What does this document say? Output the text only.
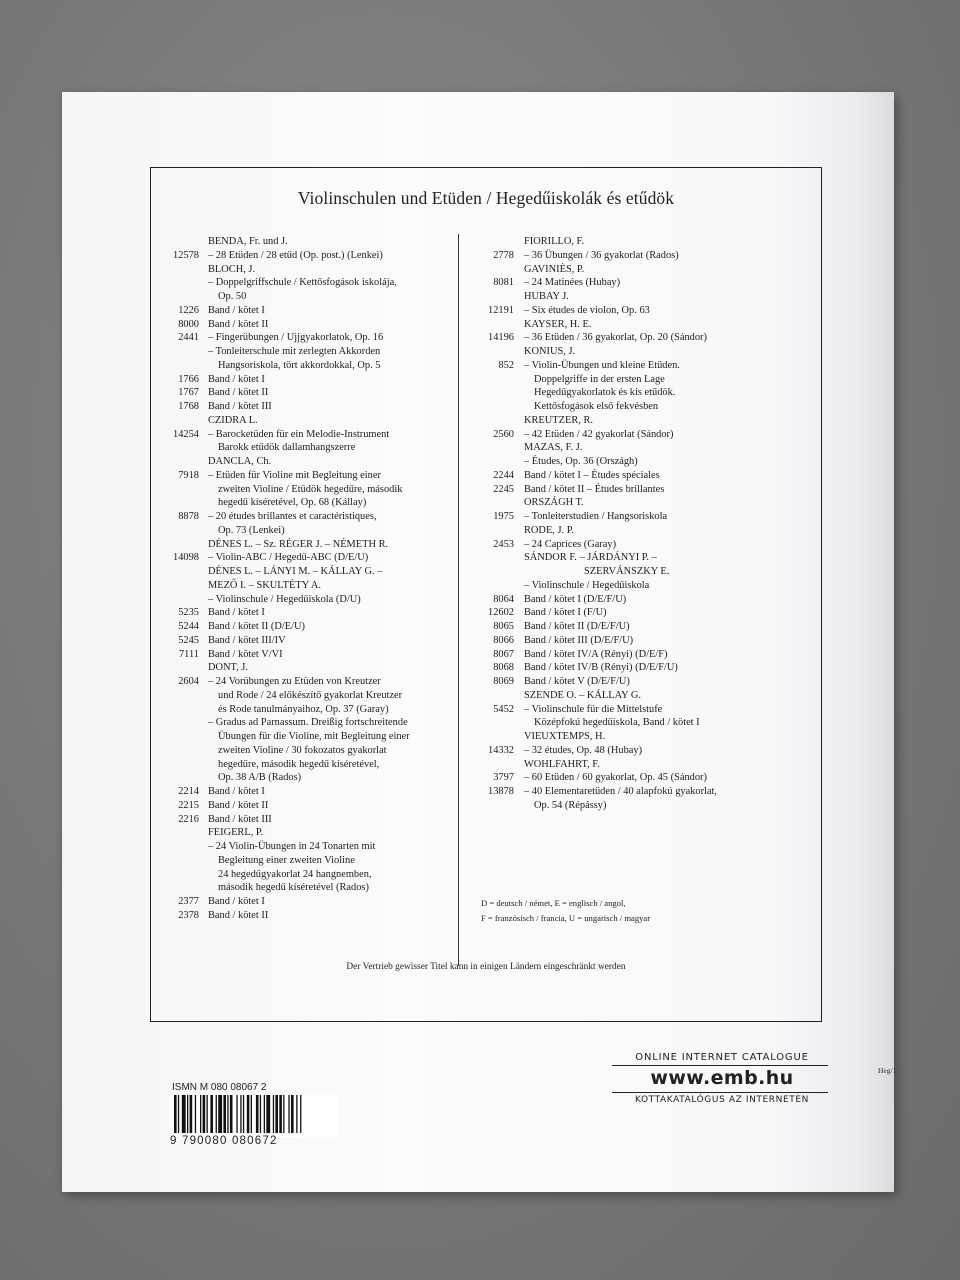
Violinschulen und Etüden / Hegedűiskolák és etűdök
BENDA, Fr. und J.
12578 – 28 Etüden / 28 etűd (Op. post.) (Lenkei)
BLOCH, J.
– Doppelgriffschule / Kettősfogások iskolája,
Op. 50
1226 Band / kötet I
8000 Band / kötet II
2441 – Fingerübungen / Ujjgyakorlatok, Op. 16
– Tonleiterschule mit zerlegten Akkorden
Hangsoriskola, tört akkordokkal, Op. 5
1766 Band / kötet I
1767 Band / kötet II
1768 Band / kötet III
CZIDRA L.
14254 – Barocketüden für ein Melodie-Instrument
Barokk etűdök dallamhangszerre
DANCLA, Ch.
7918 – Etüden für Violine mit Begleitung einer
zweiten Violine / Etüdök hegedűre, második
hegedű kíséretével, Op. 68 (Kállay)
8878 – 20 études brillantes et caractéristiques,
Op. 73 (Lenkei)
DÉNES L. – Sz. RÉGER J. – NÉMETH R.
14098 – Violin-ABC / Hegedű-ABC (D/E/U)
DÉNES L. – LÁNYI M. – KÁLLAY G. –
MEZŐ I. – SKULTÉTY A.
– Violinschule / Hegedűiskola (D/U)
5235 Band / kötet I
5244 Band / kötet II (D/E/U)
5245 Band / kötet III/IV
7111 Band / kötet V/VI
DONT, J.
2604 – 24 Vorübungen zu Etüden von Kreutzer
und Rode / 24 előkészítő gyakorlat Kreutzer
és Rode tanulmányaihoz, Op. 37 (Garay)
– Gradus ad Parnassum. Dreißig fortschreitende
Übungen für die Violine, mit Begleitung einer
zweiten Violine / 30 fokozatos gyakorlat
hegedűre, második hegedű kíséretével,
Op. 38 A/B (Rados)
2214 Band / kötet I
2215 Band / kötet II
2216 Band / kötet III
FEIGERL, P.
– 24 Violin-Übungen in 24 Tonarten mit
Begleitung einer zweiten Violine
24 hegedűgyakorlat 24 hangnemben,
második hegedű kíséretével (Rados)
2377 Band / kötet I
2378 Band / kötet II
FIORILLO, F.
2778 – 36 Übungen / 36 gyakorlat (Rados)
GAVINIÈS, P.
8081 – 24 Matinées (Hubay)
HUBAY J.
12191 – Six études de violon, Op. 63
KAYSER, H. E.
14196 – 36 Etüden / 36 gyakorlat, Op. 20 (Sándor)
KONIUS, J.
852 – Violin-Übungen und kleine Etüden.
Doppelgriffe in der ersten Lage
Hegedűgyakorlatok és kis etűdök.
Kettősfogások első fekvésben
KREUTZER, R.
2560 – 42 Etüden / 42 gyakorlat (Sándor)
MAZAS, F. J.
– Études, Op. 36 (Országh)
2244 Band / kötet I – Études spéciales
2245 Band / kötet II – Études brillantes
ORSZÁGH T.
1975 – Tonleiterstudien / Hangsoriskola
RODE, J. P.
2453 – 24 Caprices (Garay)
SÁNDOR F. – JÁRDÁNYI P. –
SZERVÁNSZKY E.
– Violinschule / Hegedűiskola
8064 Band / kötet I (D/E/F/U)
12602 Band / kötet I (F/U)
8065 Band / kötet II (D/E/F/U)
8066 Band / kötet III (D/E/F/U)
8067 Band / kötet IV/A (Rényi) (D/E/F)
8068 Band / kötet IV/B (Rényi) (D/E/F/U)
8069 Band / kötet V (D/E/F/U)
SZENDE O. – KÁLLAY G.
5452 – Violinschule für die Mittelstufe
Középfokú hegedűiskola, Band / kötet I
VIEUXTEMPS, H.
14332 – 32 études, Op. 48 (Hubay)
WOHLFAHRT, F.
3797 – 60 Etüden / 60 gyakorlat, Op. 45 (Sándor)
13878 – 40 Elementaretüden / 40 alapfokú gyakorlat,
Op. 54 (Répássy)
D = deutsch / német, E = englisch / angol,
F = französisch / francia, U = ungarisch / magyar
Der Vertrieb gewisser Titel kann in einigen Ländern eingeschränkt werden
Heg/1
ONLINE INTERNET CATALOGUE
www.emb.hu
KOTTAKATALÓGUS AZ INTERNETEN
ISMN M 080 08067 2
9 790080 080672
